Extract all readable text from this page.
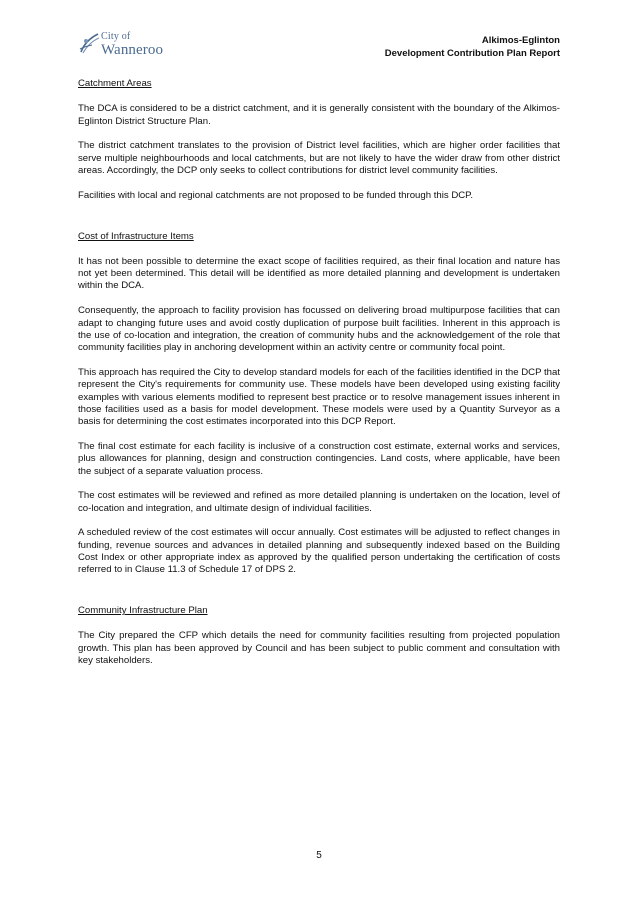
City of
Wanneroo
Alkimos-Eglinton
Development Contribution Plan Report
Catchment Areas

The DCA is considered to be a district catchment, and it is generally consistent with the boundary of the Alkimos-Eglinton District Structure Plan.

The district catchment translates to the provision of District level facilities, which are higher order facilities that serve multiple neighbourhoods and local catchments, but are not likely to have the wider draw from other district areas. Accordingly, the DCP only seeks to collect contributions for district level community facilities.

Facilities with local and regional catchments are not proposed to be funded through this DCP.

Cost of Infrastructure Items

It has not been possible to determine the exact scope of facilities required, as their final location and nature has not yet been determined. This detail will be identified as more detailed planning and development is undertaken within the DCA.

Consequently, the approach to facility provision has focussed on delivering broad multipurpose facilities that can adapt to changing future uses and avoid costly duplication of purpose built facilities. Inherent in this approach is the use of co-location and integration, the creation of community hubs and the acknowledgement of the role that community facilities play in anchoring development within an activity centre or community focal point.

This approach has required the City to develop standard models for each of the facilities identified in the DCP that represent the City's requirements for community use. These models have been developed using existing facility examples with various elements modified to represent best practice or to resolve management issues inherent in those facilities used as a basis for model development. These models were used by a Quantity Surveyor as a basis for determining the cost estimates incorporated into this DCP Report.

The final cost estimate for each facility is inclusive of a construction cost estimate, external works and services, plus allowances for planning, design and construction contingencies. Land costs, where applicable, have been the subject of a separate valuation process.

The cost estimates will be reviewed and refined as more detailed planning is undertaken on the location, level of co-location and integration, and ultimate design of individual facilities.

A scheduled review of the cost estimates will occur annually. Cost estimates will be adjusted to reflect changes in funding, revenue sources and advances in detailed planning and subsequently indexed based on the Building Cost Index or other appropriate index as approved by the qualified person undertaking the certification of costs referred to in Clause 11.3 of Schedule 17 of DPS 2.

Community Infrastructure Plan

The City prepared the CFP which details the need for community facilities resulting from projected population growth. This plan has been approved by Council and has been subject to public comment and consultation with key stakeholders.

5
